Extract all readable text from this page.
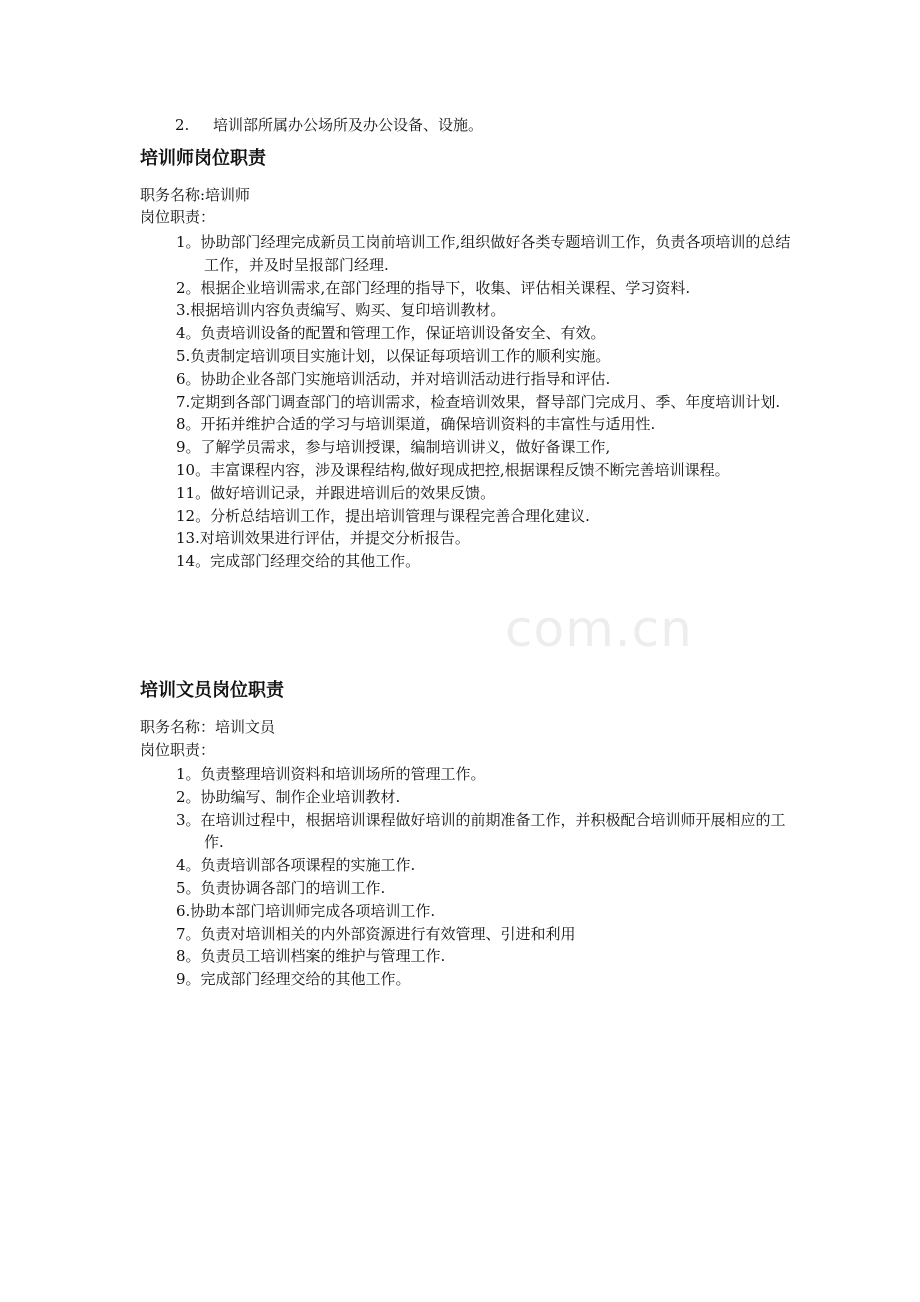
2. 培训部所属办公场所及办公设备、设施。
培训师岗位职责
职务名称:培训师
岗位职责：
1。协助部门经理完成新员工岗前培训工作,组织做好各类专题培训工作，负责各项培训的总结工作，并及时呈报部门经理.
2。根据企业培训需求,在部门经理的指导下，收集、评估相关课程、学习资料.
3.根据培训内容负责编写、购买、复印培训教材。
4。负责培训设备的配置和管理工作，保证培训设备安全、有效。
5.负责制定培训项目实施计划，以保证每项培训工作的顺利实施。
6。协助企业各部门实施培训活动，并对培训活动进行指导和评估.
7.定期到各部门调查部门的培训需求，检查培训效果，督导部门完成月、季、年度培训计划.
8。开拓并维护合适的学习与培训渠道，确保培训资料的丰富性与适用性.
9。了解学员需求，参与培训授课，编制培训讲义，做好备课工作,
10。丰富课程内容，涉及课程结构,做好现成把控,根据课程反馈不断完善培训课程。
11。做好培训记录，并跟进培训后的效果反馈。
12。分析总结培训工作，提出培训管理与课程完善合理化建议.
13.对培训效果进行评估，并提交分析报告。
14。完成部门经理交给的其他工作。
培训文员岗位职责
职务名称：培训文员
岗位职责：
1。负责整理培训资料和培训场所的管理工作。
2。协助编写、制作企业培训教材.
3。在培训过程中，根据培训课程做好培训的前期准备工作，并积极配合培训师开展相应的工作.
4。负责培训部各项课程的实施工作.
5。负责协调各部门的培训工作.
6.协助本部门培训师完成各项培训工作.
7。负责对培训相关的内外部资源进行有效管理、引进和利用
8。负责员工培训档案的维护与管理工作.
9。完成部门经理交给的其他工作。
com.cn
